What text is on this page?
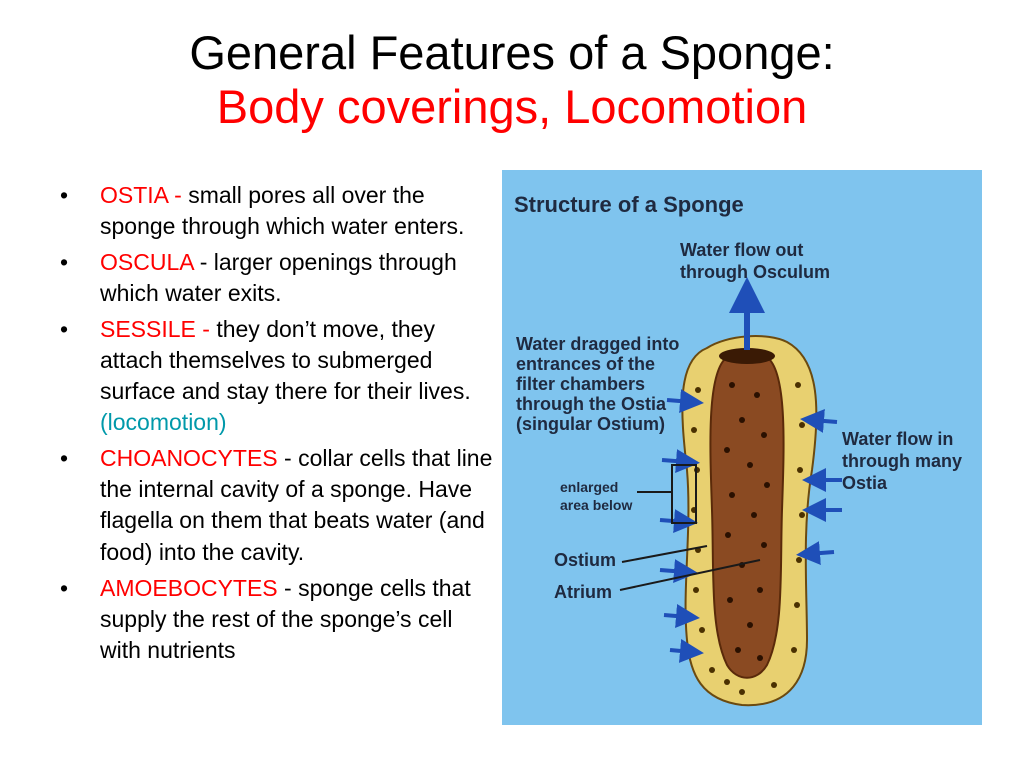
General Features of a Sponge:
Body coverings, Locomotion
• OSTIA - small pores all over the sponge through which water enters.
• OSCULA - larger openings through which water exits.
• SESSILE - they don’t move, they attach themselves to submerged surface and stay there for their lives.
(locomotion)
• CHOANOCYTES - collar cells that line the internal cavity of a sponge. Have flagella on them that beats water (and food) into the cavity.
• AMOEBOCYTES - sponge cells that supply the rest of the sponge’s cell with nutrients
Structure of a Sponge
Water flow out
through Osculum
Water dragged into
entrances of the
filter chambers
through the Ostia
(singular Ostium)
Water flow in
through many
Ostia
enlarged
area below
Ostium
Atrium
